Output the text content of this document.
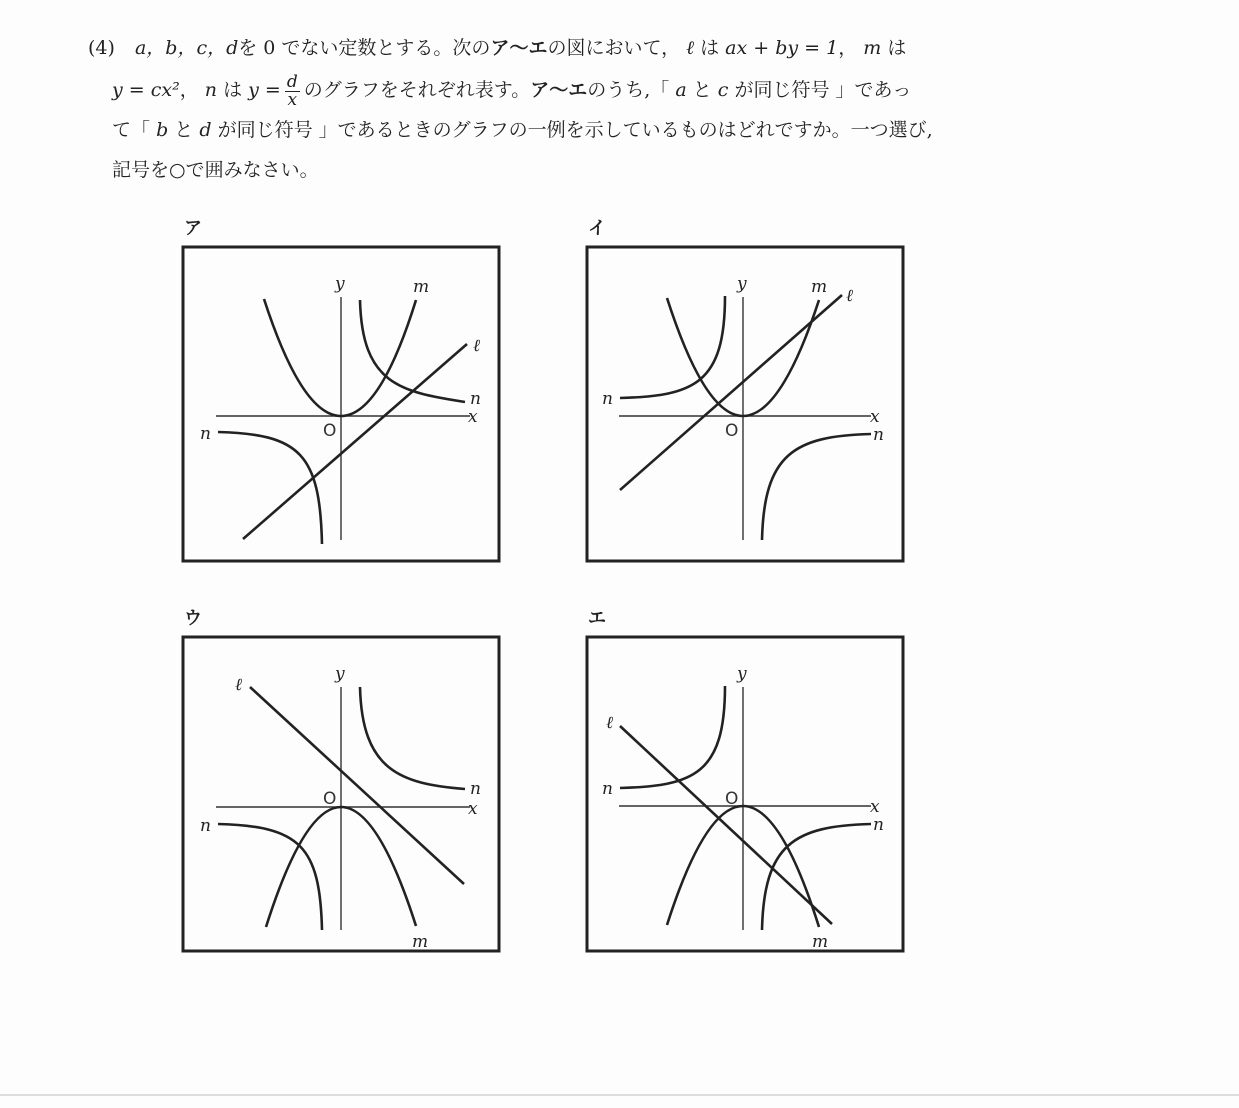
(4) a，b，c，dを 0 でない定数とする。次のア～エの図において， ℓ は ax + by = 1， m は
y = cx²， n は $y = \frac{d}{x}$ のグラフをそれぞれ表す。ア～エのうち,「 a と c が同じ符号 」であっ
て「 b と d が同じ符号 」であるときのグラフの一例を示しているものはどれですか。一つ選び,
記号を○で囲みなさい。
ア
y	m
ℓ
n
x
O
n
イ
y	m ℓ
x
O
n
n
ウ
y
ℓ
n
x
O
n
m
エ
y
ℓ
x
O
n
n
m
